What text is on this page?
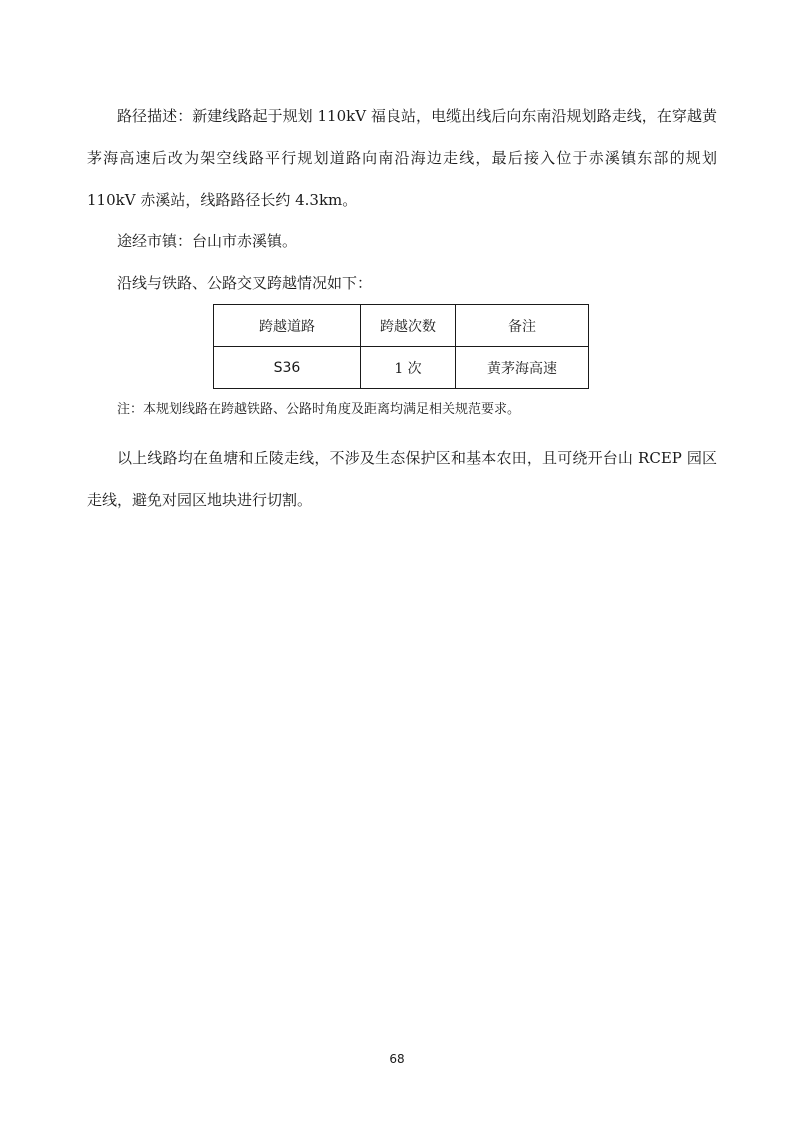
路径描述：新建线路起于规划 110kV 福良站，电缆出线后向东南沿规划路走线，在穿越黄茅海高速后改为架空线路平行规划道路向南沿海边走线，最后接入位于赤溪镇东部的规划 110kV 赤溪站，线路路径长约 4.3km。

途经市镇：台山市赤溪镇。

沿线与铁路、公路交叉跨越情况如下：

跨越道路	跨越次数	备注
S36	1 次	黄茅海高速

注：本规划线路在跨越铁路、公路时角度及距离均满足相关规范要求。

以上线路均在鱼塘和丘陵走线，不涉及生态保护区和基本农田，且可绕开台山 RCEP 园区走线，避免对园区地块进行切割。

68
